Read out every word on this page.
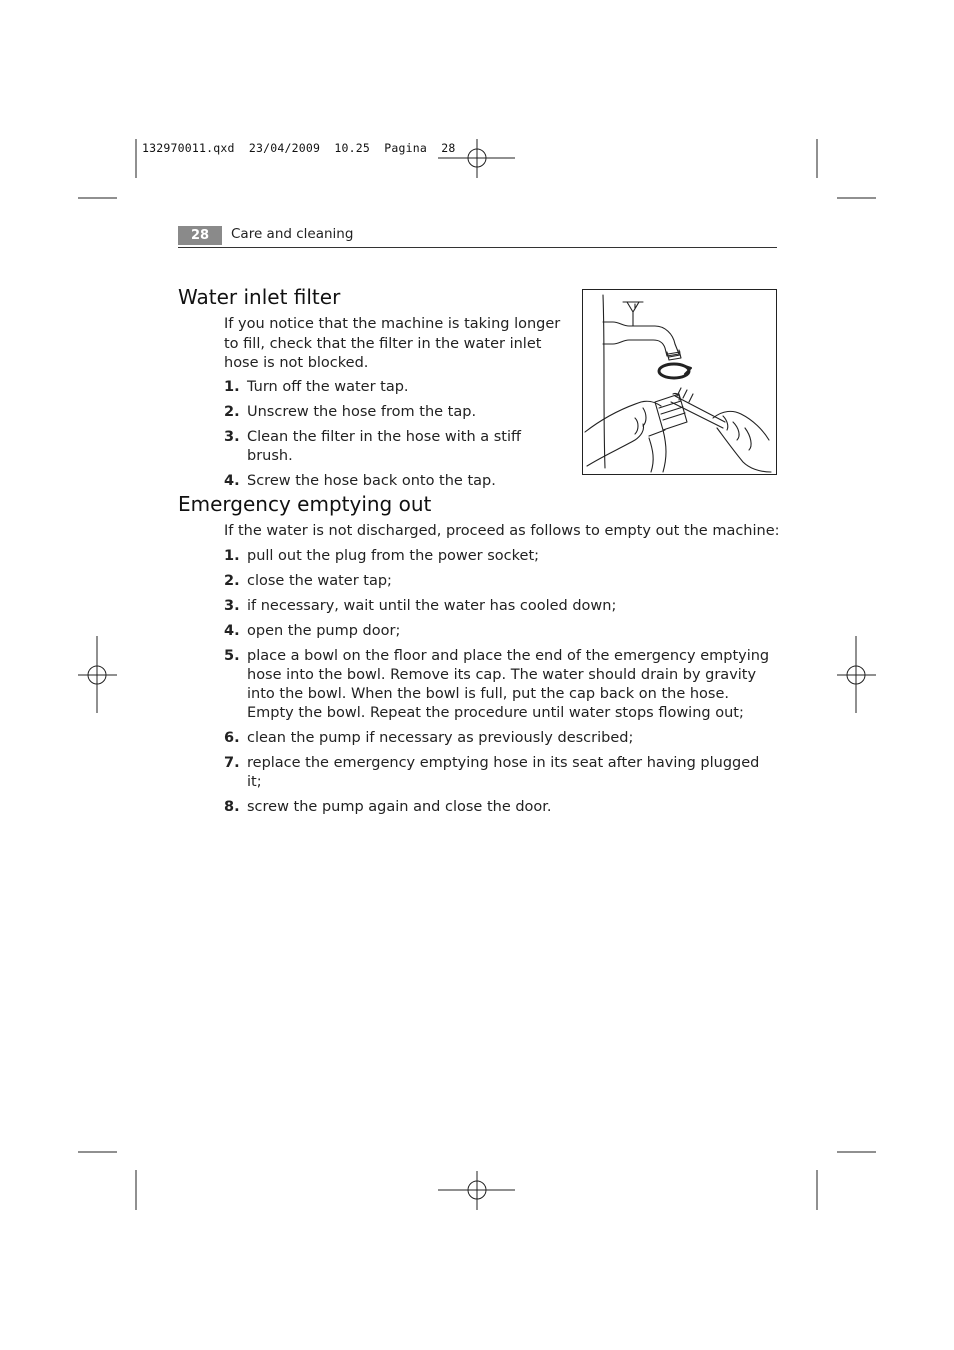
132970011.qxd  23/04/2009  10.25  Pagina  28
28	Care and cleaning
Water inlet filter
If you notice that the machine is taking longer to fill, check that the filter in the water inlet hose is not blocked.
1. Turn off the water tap.
2. Unscrew the hose from the tap.
3. Clean the filter in the hose with a stiff brush.
4. Screw the hose back onto the tap.
Emergency emptying out
If the water is not discharged, proceed as follows to empty out the machine:
1. pull out the plug from the power socket;
2. close the water tap;
3. if necessary, wait until the water has cooled down;
4. open the pump door;
5. place a bowl on the floor and place the end of the emergency emptying hose into the bowl. Remove its cap. The water should drain by gravity into the bowl. When the bowl is full, put the cap back on the hose. Empty the bowl. Repeat the procedure until water stops flowing out;
6. clean the pump if necessary as previously described;
7. replace the emergency emptying hose in its seat after having plugged it;
8. screw the pump again and close the door.
